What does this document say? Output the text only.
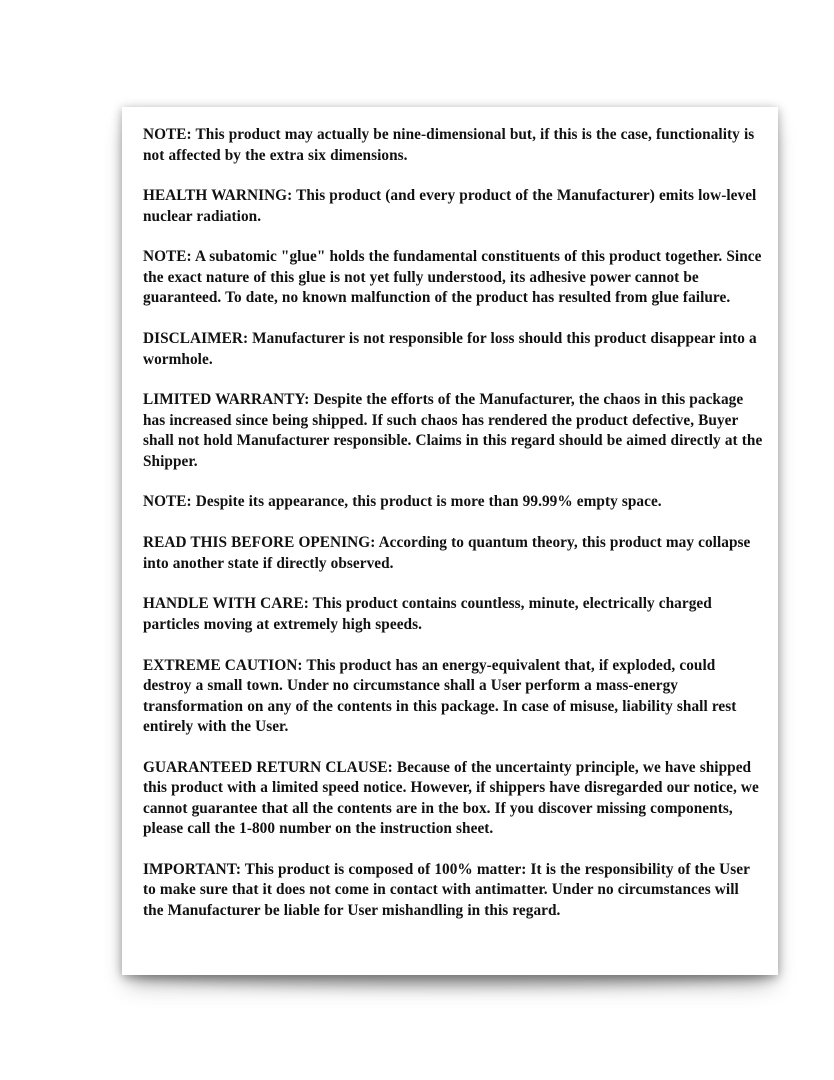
NOTE: This product may actually be nine-dimensional but, if this is the case, functionality is not affected by the extra six dimensions.

HEALTH WARNING: This product (and every product of the Manufacturer) emits low-level nuclear radiation.

NOTE: A subatomic "glue" holds the fundamental constituents of this product together. Since the exact nature of this glue is not yet fully understood, its adhesive power cannot be guaranteed. To date, no known malfunction of the product has resulted from glue failure.

DISCLAIMER: Manufacturer is not responsible for loss should this product disappear into a wormhole.

LIMITED WARRANTY: Despite the efforts of the Manufacturer, the chaos in this package has increased since being shipped. If such chaos has rendered the product defective, Buyer shall not hold Manufacturer responsible. Claims in this regard should be aimed directly at the Shipper.

NOTE: Despite its appearance, this product is more than 99.99% empty space.

READ THIS BEFORE OPENING: According to quantum theory, this product may collapse into another state if directly observed.

HANDLE WITH CARE: This product contains countless, minute, electrically charged particles moving at extremely high speeds.

EXTREME CAUTION: This product has an energy-equivalent that, if exploded, could destroy a small town. Under no circumstance shall a User perform a mass-energy transformation on any of the contents in this package. In case of misuse, liability shall rest entirely with the User.

GUARANTEED RETURN CLAUSE: Because of the uncertainty principle, we have shipped this product with a limited speed notice. However, if shippers have disregarded our notice, we cannot guarantee that all the contents are in the box. If you discover missing components, please call the 1-800 number on the instruction sheet.

IMPORTANT: This product is composed of 100% matter: It is the responsibility of the User to make sure that it does not come in contact with antimatter. Under no circumstances will the Manufacturer be liable for User mishandling in this regard.
